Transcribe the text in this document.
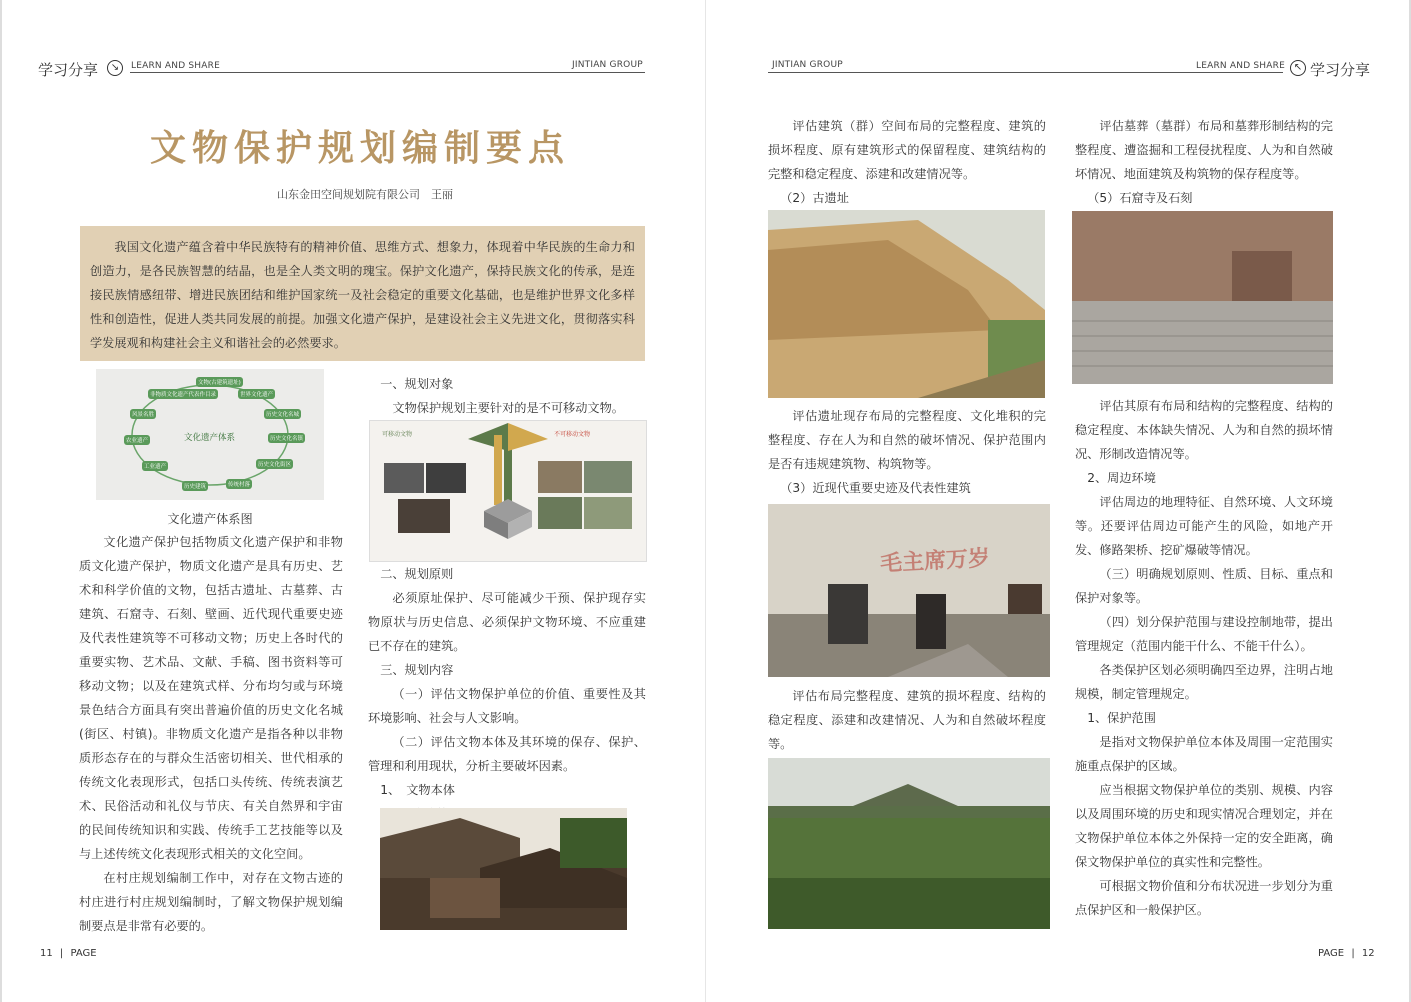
学习分享	↘	LEARN AND SHARE	JINTIAN GROUP	JINTIAN GROUP	LEARN AND SHARE ↖ 学习分享
文物保护规划编制要点
山东金田空间规划院有限公司　王丽
我国文化遗产蕴含着中华民族特有的精神价值、思维方式、想象力，体现着中华民族的生命力和创造力，是各民族智慧的结晶，也是全人类文明的瑰宝。保护文化遗产，保持民族文化的传承，是连接民族情感纽带、增进民族团结和维护国家统一及社会稳定的重要文化基础，也是维护世界文化多样性和创造性，促进人类共同发展的前提。加强文化遗产保护，是建设社会主义先进文化，贯彻落实科学发展观和构建社会主义和谐社会的必然要求。
文化遗产体系
非物质文化遗产代表作目录
文物(古建筑遗址)
世界文化遗产
历史文化名城
历史文化名镇
历史文化街区
传统村落
历史建筑
工业遗产
农业遗产
风景名胜
文化遗产体系图

文化遗产保护包括物质文化遗产保护和非物质文化遗产保护，物质文化遗产是具有历史、艺术和科学价值的文物，包括古遗址、古墓葬、古建筑、石窟寺、石刻、壁画、近代现代重要史迹及代表性建筑等不可移动文物；历史上各时代的重要实物、艺术品、文献、手稿、图书资料等可移动文物；以及在建筑式样、分布均匀或与环境景色结合方面具有突出普遍价值的历史文化名城(街区、村镇)。非物质文化遗产是指各种以非物质形态存在的与群众生活密切相关、世代相承的传统文化表现形式，包括口头传统、传统表演艺术、民俗活动和礼仪与节庆、有关自然界和宇宙的民间传统知识和实践、传统手工艺技能等以及与上述传统文化表现形式相关的文化空间。

在村庄规划编制工作中，对存在文物古迹的村庄进行村庄规划编制时，了解文物保护规划编制要点是非常有必要的。

一、规划对象

文物保护规划主要针对的是不可移动文物。

可移动文物	不可移动文物

二、规划原则

必须原址保护、尽可能减少干预、保护现存实物原状与历史信息、必须保护文物环境、不应重建已不存在的建筑。

三、规划内容

（一）评估文物保护单位的价值、重要性及其环境影响、社会与人文影响。

（二）评估文物本体及其环境的保存、保护、管理和利用现状，分析主要破坏因素。

1、　文物本体

11 | PAGE

评估建筑（群）空间布局的完整程度、建筑的损坏程度、原有建筑形式的保留程度、建筑结构的完整和稳定程度、添建和改建情况等。

（2）古遗址

评估遗址现存布局的完整程度、文化堆积的完整程度、存在人为和自然的破坏情况、保护范围内是否有违规建筑物、构筑物等。

（3）近现代重要史迹及代表性建筑

毛主席万岁

评估布局完整程度、建筑的损坏程度、结构的稳定程度、添建和改建情况、人为和自然破坏程度等。

评估墓葬（墓群）布局和墓葬形制结构的完整程度、遭盗掘和工程侵扰程度、人为和自然破坏情况、地面建筑及构筑物的保存程度等。

（5）石窟寺及石刻

评估其原有布局和结构的完整程度、结构的稳定程度、本体缺失情况、人为和自然的损坏情况、形制改造情况等。

2、周边环境

评估周边的地理特征、自然环境、人文环境等。还要评估周边可能产生的风险，如地产开发、修路架桥、挖矿爆破等情况。

（三）明确规划原则、性质、目标、重点和保护对象等。

（四）划分保护范围与建设控制地带，提出管理规定（范围内能干什么、不能干什么）。

各类保护区划必须明确四至边界，注明占地规模，制定管理规定。

1、保护范围

是指对文物保护单位本体及周围一定范围实施重点保护的区域。

应当根据文物保护单位的类别、规模、内容以及周围环境的历史和现实情况合理划定，并在文物保护单位本体之外保持一定的安全距离，确保文物保护单位的真实性和完整性。

可根据文物价值和分布状况进一步划分为重点保护区和一般保护区。

PAGE | 12
